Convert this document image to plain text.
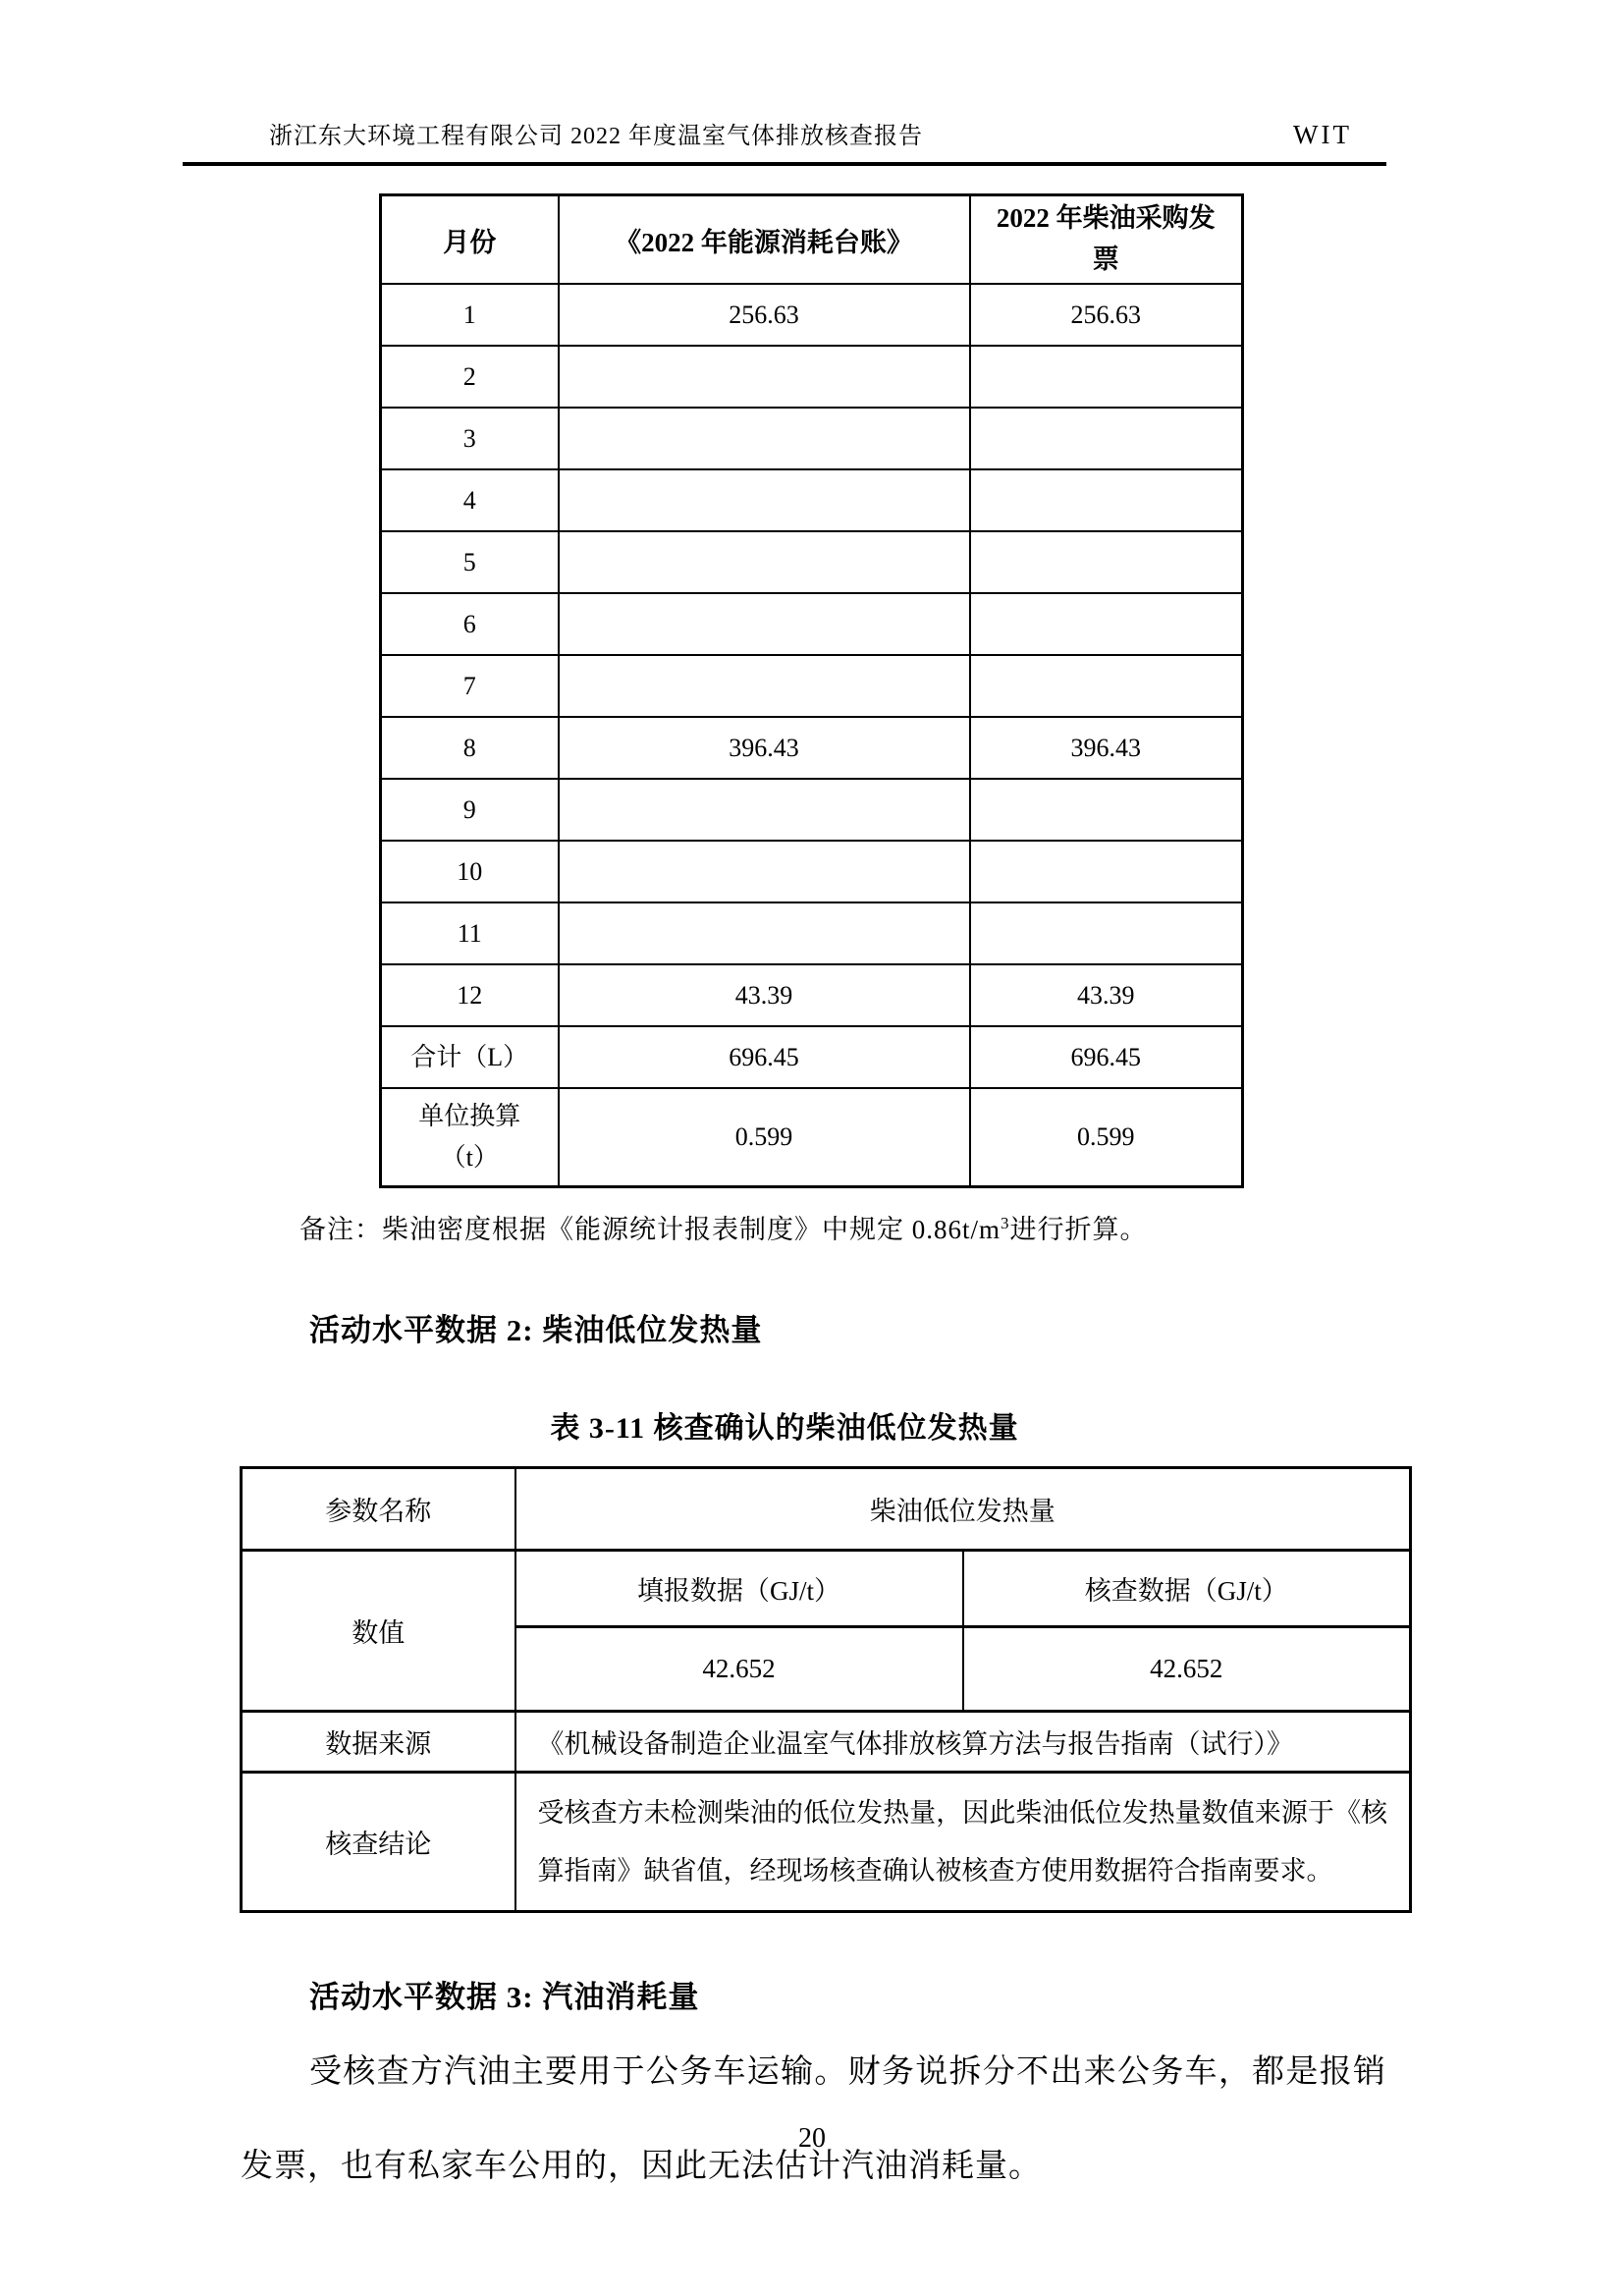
浙江东大环境工程有限公司 2022 年度温室气体排放核查报告	WIT
月份	《2022 年能源消耗台账》	2022 年柴油采购发票
1	256.63	256.63
2		
3		
4		
5		
6		
7		
8	396.43	396.43
9		
10		
11		
12	43.39	43.39
合计（L）	696.45	696.45

单位换算
（t）	0.599	0.599

备注：柴油密度根据《能源统计报表制度》中规定 $0.86t/m^3$进行折算。

活动水平数据 2: 柴油低位发热量
表 3-11 核查确认的柴油低位发热量
参数名称	柴油低位发热量	
数值	填报数据（GJ/t）	核查数据（GJ/t）
	42.652	42.652
数据来源	《机械设备制造企业温室气体排放核算方法与报告指南（试行）》	
核查结论	受核查方未检测柴油的低位发热量，因此柴油低位发热量数值来源于《核算指南》缺省值，经现场核查确认被核查方使用数据符合指南要求。	
活动水平数据 3: 汽油消耗量

受核查方汽油主要用于公务车运输。财务说拆分不出来公务车，都是报销
发票，也有私家车公用的，因此无法估计汽油消耗量。

20
